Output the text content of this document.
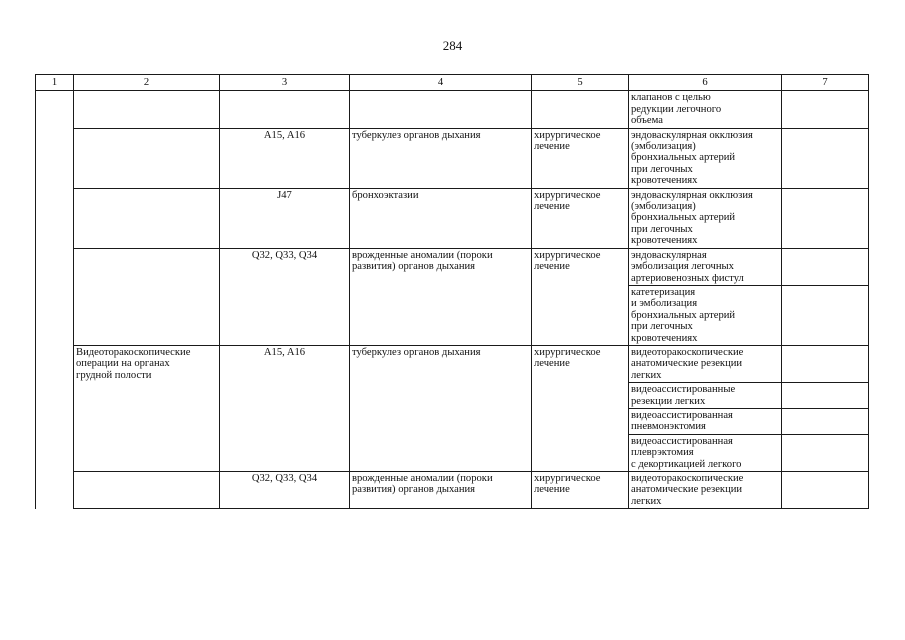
284
1	2	3	4	5	6	7
					клапанов с целью
редукции легочного
объема	
		A15, A16	туберкулез органов дыхания	хирургическое
лечение	эндоваскулярная окклюзия
(эмболизация)
бронхиальных артерий
при легочных
кровотечениях	
		J47	бронхоэктазии	хирургическое
лечение	эндоваскулярная окклюзия
(эмболизация)
бронхиальных артерий
при легочных
кровотечениях	
		Q32, Q33, Q34	врожденные аномалии (пороки
развития) органов дыхания	хирургическое
лечение	эндоваскулярная
эмболизация легочных
артериовенозных фистул	
					катетеризация
и эмболизация
бронхиальных артерий
при легочных
кровотечениях	
	Видеоторакоскопические
операции на органах
грудной полости	A15, A16	туберкулез органов дыхания	хирургическое
лечение	видеоторакоскопические
анатомические резекции
легких	
					видеоассистированные
резекции легких	
					видеоассистированная
пневмонэктомия	
					видеоассистированная
плеврэктомия
с декортикацией легкого	
		Q32, Q33, Q34	врожденные аномалии (пороки
развития) органов дыхания	хирургическое
лечение	видеоторакоскопические
анатомические резекции
легких	
